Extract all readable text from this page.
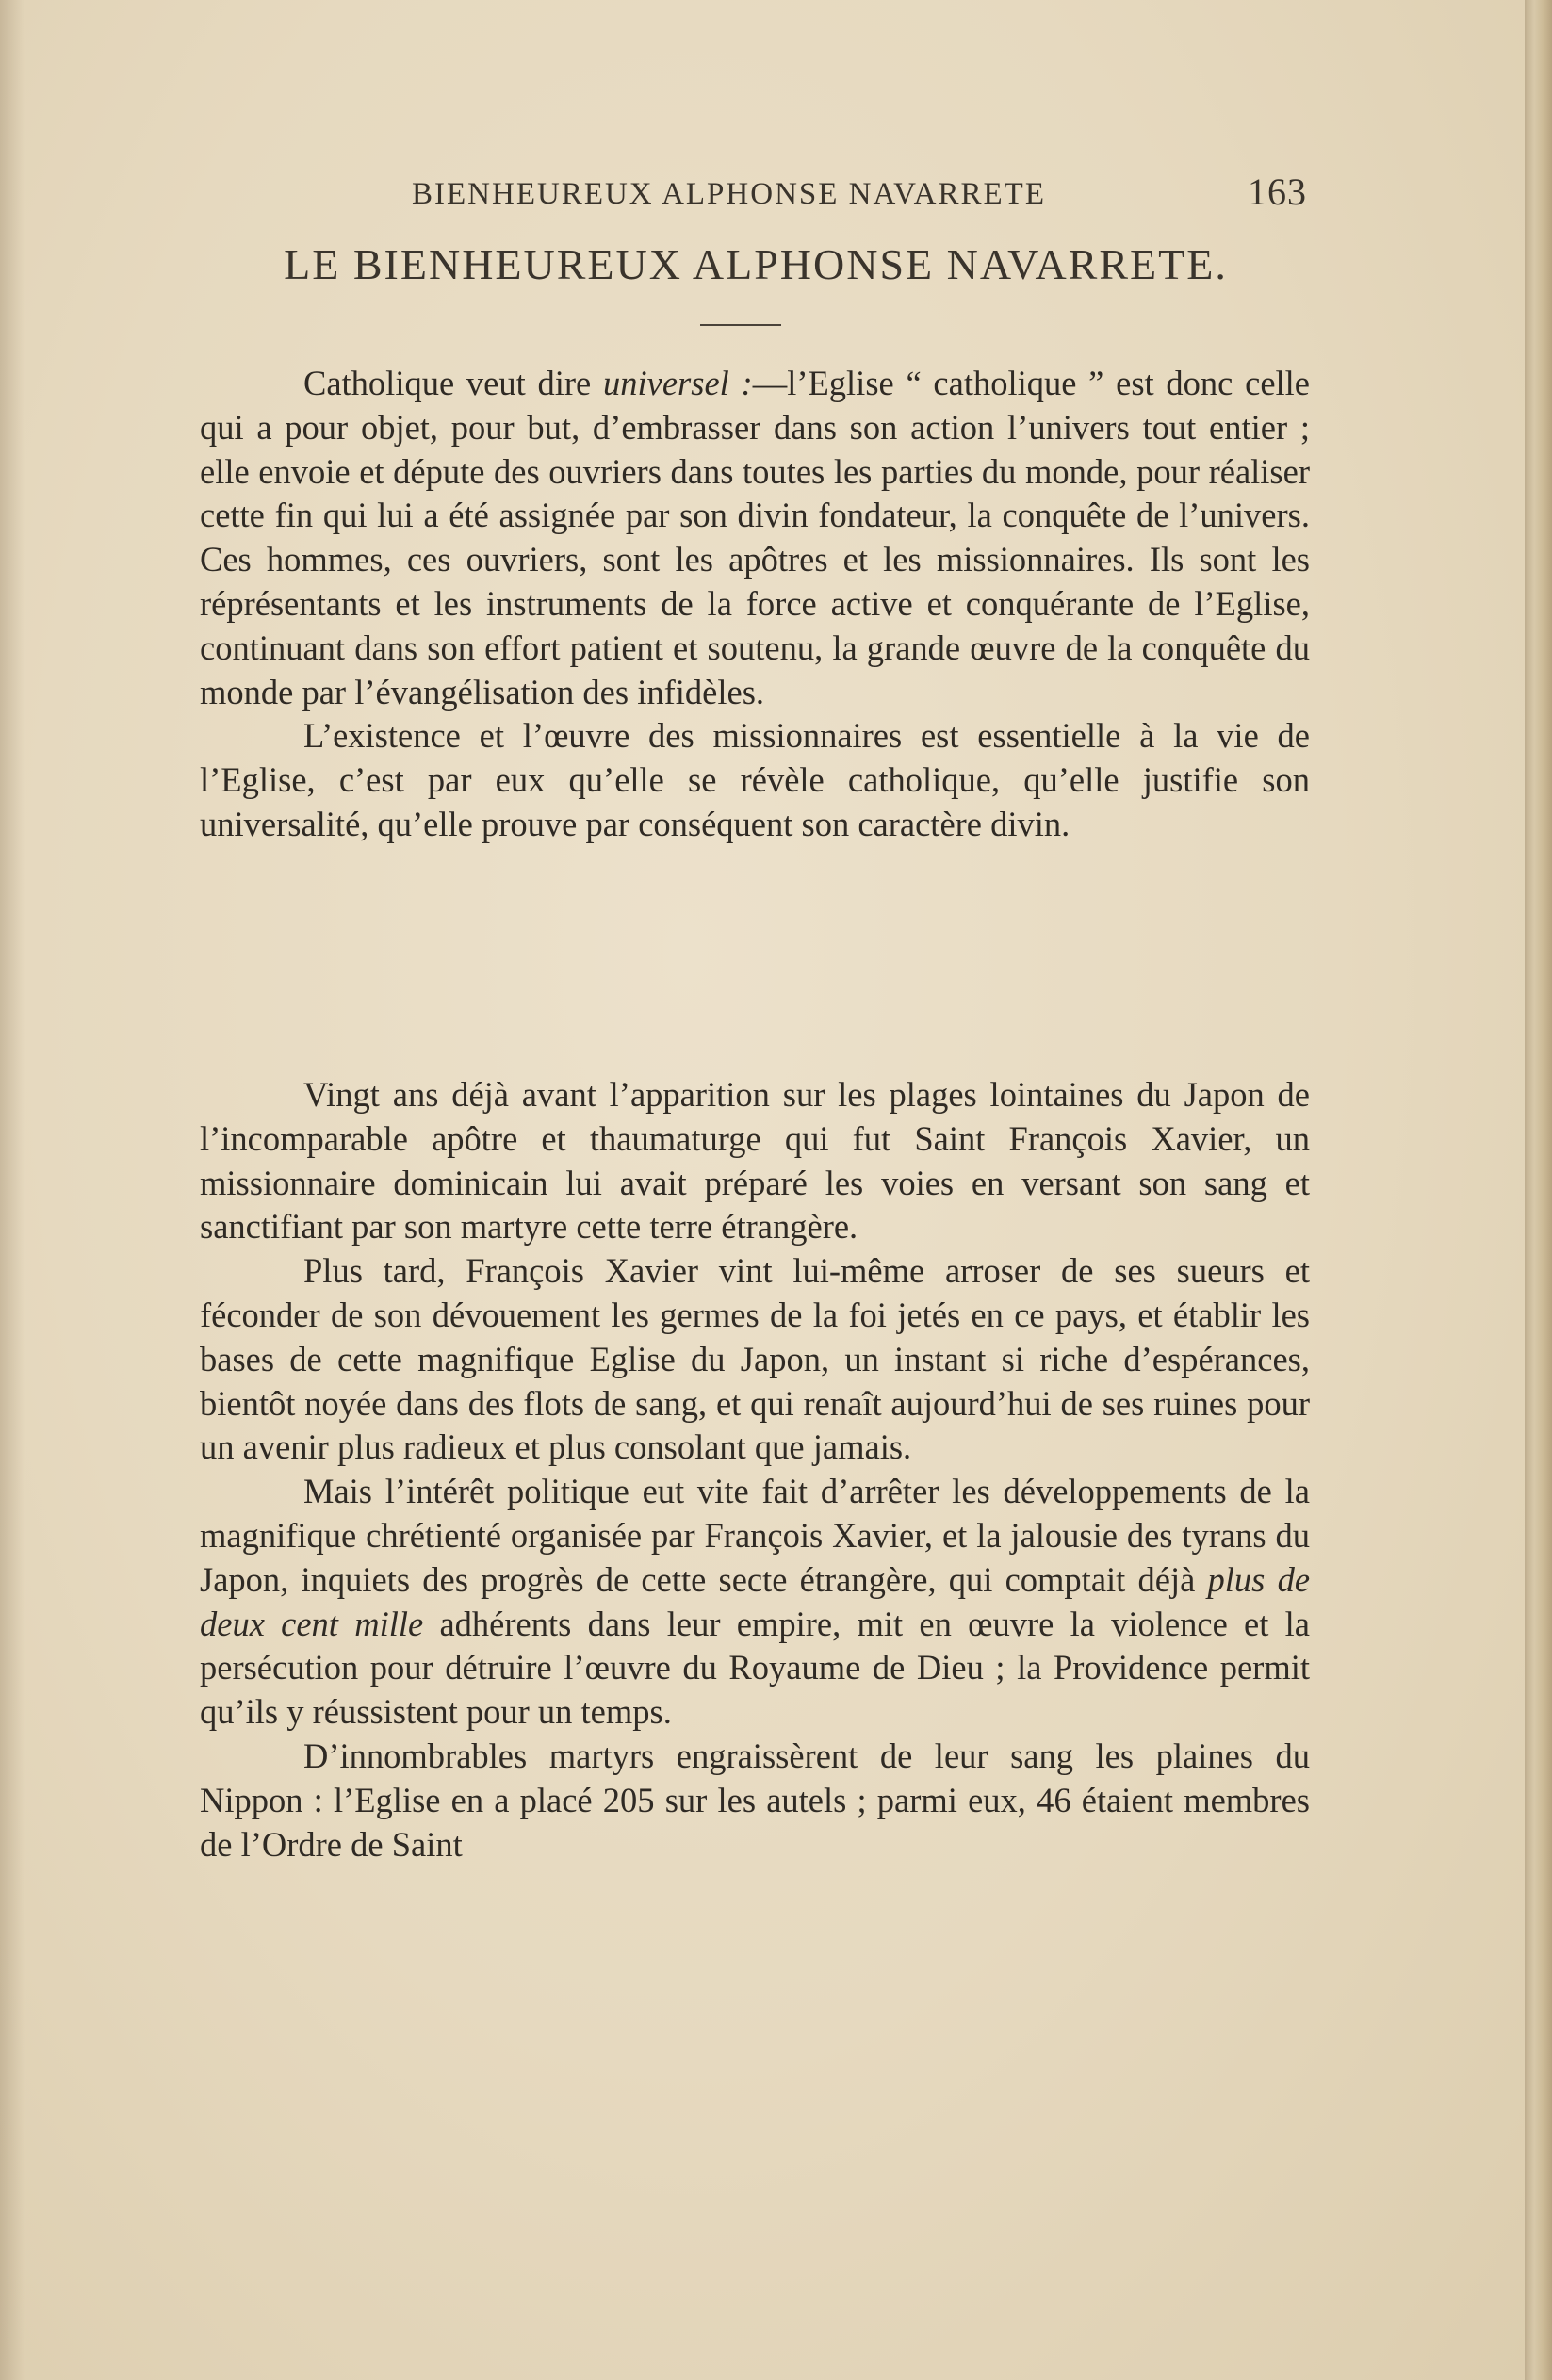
BIENHEUREUX ALPHONSE NAVARRETE	163
LE BIENHEUREUX ALPHONSE NAVARRETE.

Catholique veut dire universel :—l’Eglise “ catholique ” est donc celle qui a pour objet, pour but, d’embrasser dans son action l’univers tout entier ; elle envoie et députe des ouvriers dans toutes les parties du monde, pour réaliser cette fin qui lui a été assignée par son divin fondateur, la conquête de l’univers. Ces hommes, ces ouvriers, sont les apôtres et les missionnaires. Ils sont les réprésentants et les instruments de la force active et conquérante de l’Eglise, continuant dans son effort patient et soutenu, la grande œuvre de la conquête du monde par l’évangélisation des infidèles.

L’existence et l’œuvre des missionnaires est essentielle à la vie de l’Eglise, c’est par eux qu’elle se révèle catholique, qu’elle justifie son universalité, qu’elle prouve par conséquent son caractère divin.

Vingt ans déjà avant l’apparition sur les plages lointaines du Japon de l’incomparable apôtre et thaumaturge qui fut Saint François Xavier, un missionnaire dominicain lui avait préparé les voies en versant son sang et sanctifiant par son martyre cette terre étrangère.

Plus tard, François Xavier vint lui-même arroser de ses sueurs et féconder de son dévouement les germes de la foi jetés en ce pays, et établir les bases de cette magnifique Eglise du Japon, un instant si riche d’espérances, bientôt noyée dans des flots de sang, et qui renaît aujourd’hui de ses ruines pour un avenir plus radieux et plus consolant que jamais.

Mais l’intérêt politique eut vite fait d’arrêter les développements de la magnifique chrétienté organisée par François Xavier, et la jalousie des tyrans du Japon, inquiets des progrès de cette secte étrangère, qui comptait déjà plus de deux cent mille adhérents dans leur empire, mit en œuvre la violence et la persécution pour détruire l’œuvre du Royaume de Dieu ; la Providence permit qu’ils y réussistent pour un temps.

D’innombrables martyrs engraissèrent de leur sang les plaines du Nippon : l’Eglise en a placé 205 sur les autels ; parmi eux, 46 étaient membres de l’Ordre de Saint
